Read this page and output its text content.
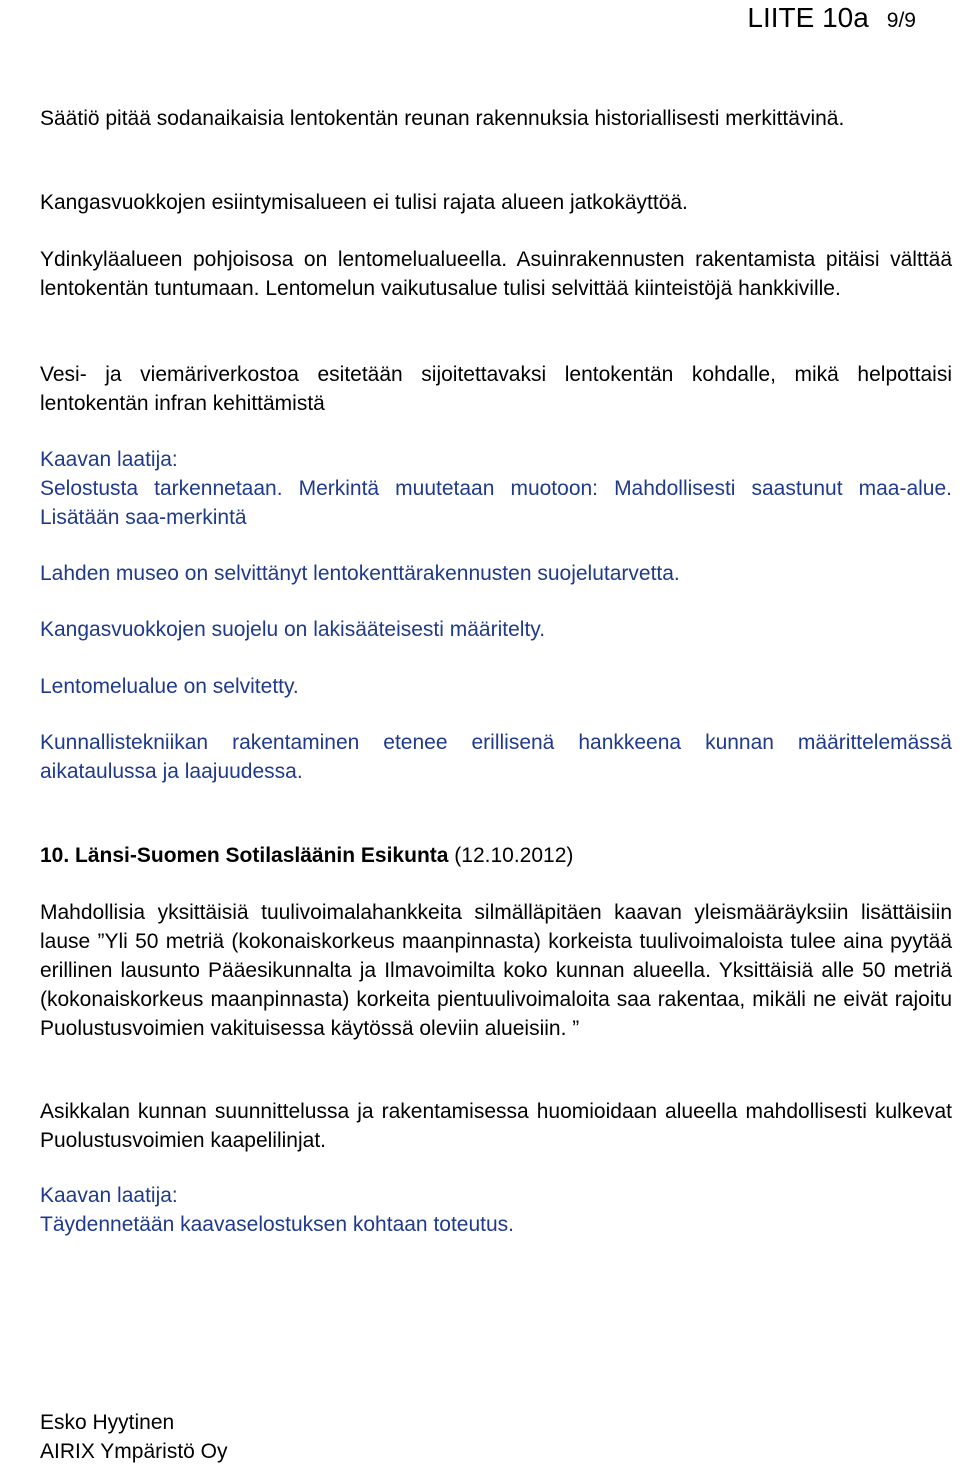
LIITE 10a 9/9

Säätiö pitää sodanaikaisia lentokentän reunan rakennuksia historiallisesti merkittävinä.

Kangasvuokkojen esiintymisalueen ei tulisi rajata alueen jatkokäyttöä.

Ydinkyläalueen pohjoisosa on lentomelualueella. Asuinrakennusten rakentamista pitäisi välttää lentokentän tuntumaan. Lentomelun vaikutusalue tulisi selvittää kiinteistöjä hankkiville.

Vesi- ja viemäriverkostoa esitetään sijoitettavaksi lentokentän kohdalle, mikä helpottaisi lentokentän infran kehittämistä

Kaavan laatija:

Selostusta tarkennetaan. Merkintä muutetaan muotoon: Mahdollisesti saastunut maa-alue. Lisätään saa-merkintä

Lahden museo on selvittänyt lentokenttärakennusten suojelutarvetta.

Kangasvuokkojen suojelu on lakisääteisesti määritelty.

Lentomelualue on selvitetty.

Kunnallistekniikan rakentaminen etenee erillisenä hankkeena kunnan määrittelemässä aikataulussa ja laajuudessa.

10. Länsi-Suomen Sotilasläänin Esikunta (12.10.2012)

Mahdollisia yksittäisiä tuulivoimalahankkeita silmälläpitäen kaavan yleismääräyksiin lisättäisiin lause ”Yli 50 metriä (kokonaiskorkeus maanpinnasta) korkeista tuulivoimaloista tulee aina pyytää erillinen lausunto Pääesikunnalta ja Ilmavoimilta koko kunnan alueella. Yksittäisiä alle 50 metriä (kokonaiskorkeus maanpinnasta) korkeita pientuulivoimaloita saa rakentaa, mikäli ne eivät rajoitu Puolustusvoimien vakituisessa käytössä oleviin alueisiin. ”

Asikkalan kunnan suunnittelussa ja rakentamisessa huomioidaan alueella mahdollisesti kulkevat Puolustusvoimien kaapelilinjat.

Kaavan laatija:

Täydennetään kaavaselostuksen kohtaan toteutus.

Esko Hyytinen
AIRIX Ympäristö Oy
